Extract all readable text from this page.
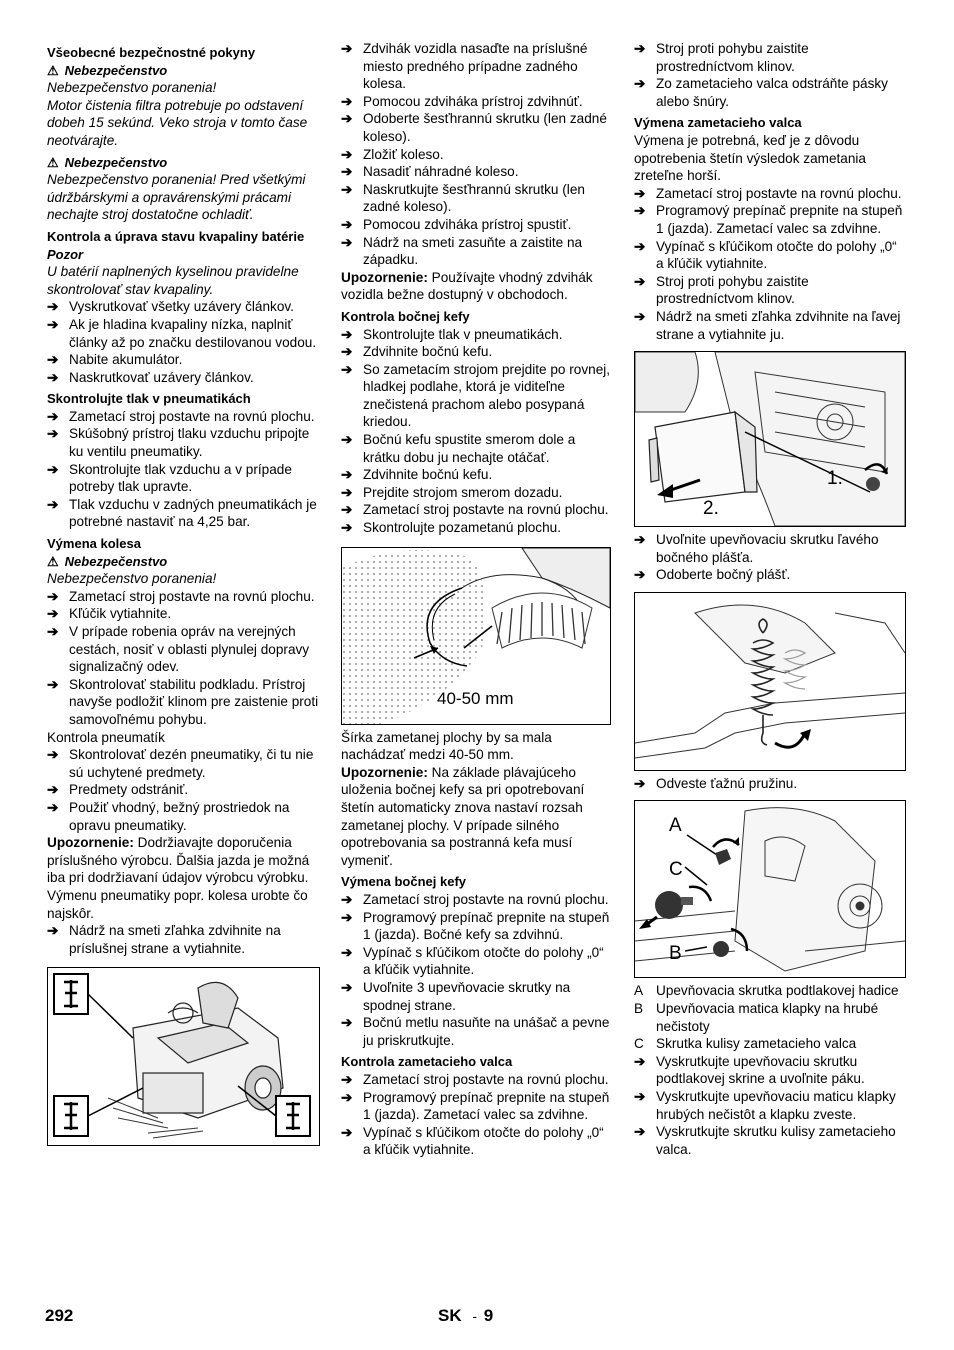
Všeobecné bezpečnostné pokyny
⚠ Nebezpečenstvo

Nebezpečenstvo poranenia!

Motor čistenia filtra potrebuje po odstavení dobeh 15 sekúnd. Veko stroja v tomto čase neotvárajte.

⚠ Nebezpečenstvo

Nebezpečenstvo poranenia! Pred všetkými údržbárskymi a opravárenskými prácami nechajte stroj dostatočne ochladiť.

Kontrola a úprava stavu kvapaliny batérie
Pozor

U batérií naplnených kyselinou pravidelne skontrolovať stav kvapaliny.

➔ Vyskrutkovať všetky uzávery článkov.
➔ Ak je hladina kvapaliny nízka, naplniť články až po značku destilovanou vodou.
➔ Nabite akumulátor.
➔ Naskrutkovať uzávery článkov.
Skontrolujte tlak v pneumatikách
➔ Zametací stroj postavte na rovnú plochu.
➔ Skúšobný prístroj tlaku vzduchu pripojte ku ventilu pneumatiky.
➔ Skontrolujte tlak vzduchu a v prípade potreby tlak upravte.
➔ Tlak vzduchu v zadných pneumatikách je potrebné nastaviť na 4,25 bar.
Výmena kolesa
⚠ Nebezpečenstvo

Nebezpečenstvo poranenia!

➔ Zametací stroj postavte na rovnú plochu.
➔ Kľúčik vytiahnite.
➔ V prípade robenia opráv na verejných cestách, nosiť v oblasti plynulej dopravy signalizačný odev.
➔ Skontrolovať stabilitu podkladu. Prístroj navyše podložiť klinom pre zaistenie proti samovoľnému pohybu.

Kontrola pneumatík

➔ Skontrolovať dezén pneumatiky, či tu nie sú uchytené predmety.
➔ Predmety odstrániť.
➔ Použiť vhodný, bežný prostriedok na opravu pneumatiky.

Upozornenie: Dodržiavajte doporučenia príslušného výrobcu. Ďalšia jazda je možná iba pri dodržiavaní údajov výrobcu výrobku. Výmenu pneumatiky popr. kolesa urobte čo najskôr.

➔ Nádrž na smeti zľahka zdvihnite na príslušnej strane a vytiahnite.
➔ Zdvihák vozidla nasaďte na príslušné miesto predného prípadne zadného kolesa.
➔ Pomocou zdviháka prístroj zdvihnúť.
➔ Odoberte šesťhrannú skrutku (len zadné koleso).
➔ Zložiť koleso.
➔ Nasadiť náhradné koleso.
➔ Naskrutkujte šesťhrannú skrutku (len zadné koleso).
➔ Pomocou zdviháka prístroj spustiť.
➔ Nádrž na smeti zasuňte a zaistite na západku.

Upozornenie: Používajte vhodný zdvihák vozidla bežne dostupný v obchodoch.

Kontrola bočnej kefy
➔ Skontrolujte tlak v pneumatikách.
➔ Zdvihnite bočnú kefu.
➔ So zametacím strojom prejdite po rovnej, hladkej podlahe, ktorá je viditeľne znečistená prachom alebo posypaná kriedou.
➔ Bočnú kefu spustite smerom dole a krátku dobu ju nechajte otáčať.
➔ Zdvihnite bočnú kefu.
➔ Prejdite strojom smerom dozadu.
➔ Zametací stroj postavte na rovnú plochu.
➔ Skontrolujte pozametanú plochu.
40-50 mm

Šírka zametanej plochy by sa mala nachádzať medzi 40-50 mm.

Upozornenie: Na základe plávajúceho uloženia bočnej kefy sa pri opotrebovaní štetín automaticky znova nastaví rozsah zametanej plochy. V prípade silného opotrebovania sa postranná kefa musí vymeniť.

Výmena bočnej kefy
➔ Zametací stroj postavte na rovnú plochu.
➔ Programový prepínač prepnite na stupeň 1 (jazda). Bočné kefy sa zdvihnú.
➔ Vypínač s kľúčikom otočte do polohy „0“ a kľúčik vytiahnite.
➔ Uvoľnite 3 upevňovacie skrutky na spodnej strane.
➔ Bočnú metlu nasuňte na unášač a pevne ju priskrutkujte.
Kontrola zametacieho valca
➔ Zametací stroj postavte na rovnú plochu.
➔ Programový prepínač prepnite na stupeň 1 (jazda). Zametací valec sa zdvihne.
➔ Vypínač s kľúčikom otočte do polohy „0“ a kľúčik vytiahnite.
➔ Stroj proti pohybu zaistite prostredníctvom klinov.
➔ Zo zametacieho valca odstráňte pásky alebo šnúry.
Výmena zametacieho valca

Výmena je potrebná, keď je z dôvodu opotrebenia štetín výsledok zametania zreteľne horší.

➔ Zametací stroj postavte na rovnú plochu.
➔ Programový prepínač prepnite na stupeň 1 (jazda). Zametací valec sa zdvihne.
➔ Vypínač s kľúčikom otočte do polohy „0“ a kľúčik vytiahnite.
➔ Stroj proti pohybu zaistite prostredníctvom klinov.
➔ Nádrž na smeti zľahka zdvihnite na ľavej strane a vytiahnite ju.
2.
1.
➔ Uvoľnite upevňovaciu skrutku ľavého bočného plášťa.
➔ Odoberte bočný plášť.
➔ Odveste ťažnú pružinu.
A
C
B
A Upevňovacia skrutka podtlakovej hadice
B Upevňovacia matica klapky na hrubé nečistoty
C Skrutka kulisy zametacieho valca
➔ Vyskrutkujte upevňovaciu skrutku podtlakovej skrine a uvoľnite páku.
➔ Vyskrutkujte upevňovaciu maticu klapky hrubých nečistôt a klapku zveste.
➔ Vyskrutkujte skrutku kulisy zametacieho valca.
292	SK - 9
